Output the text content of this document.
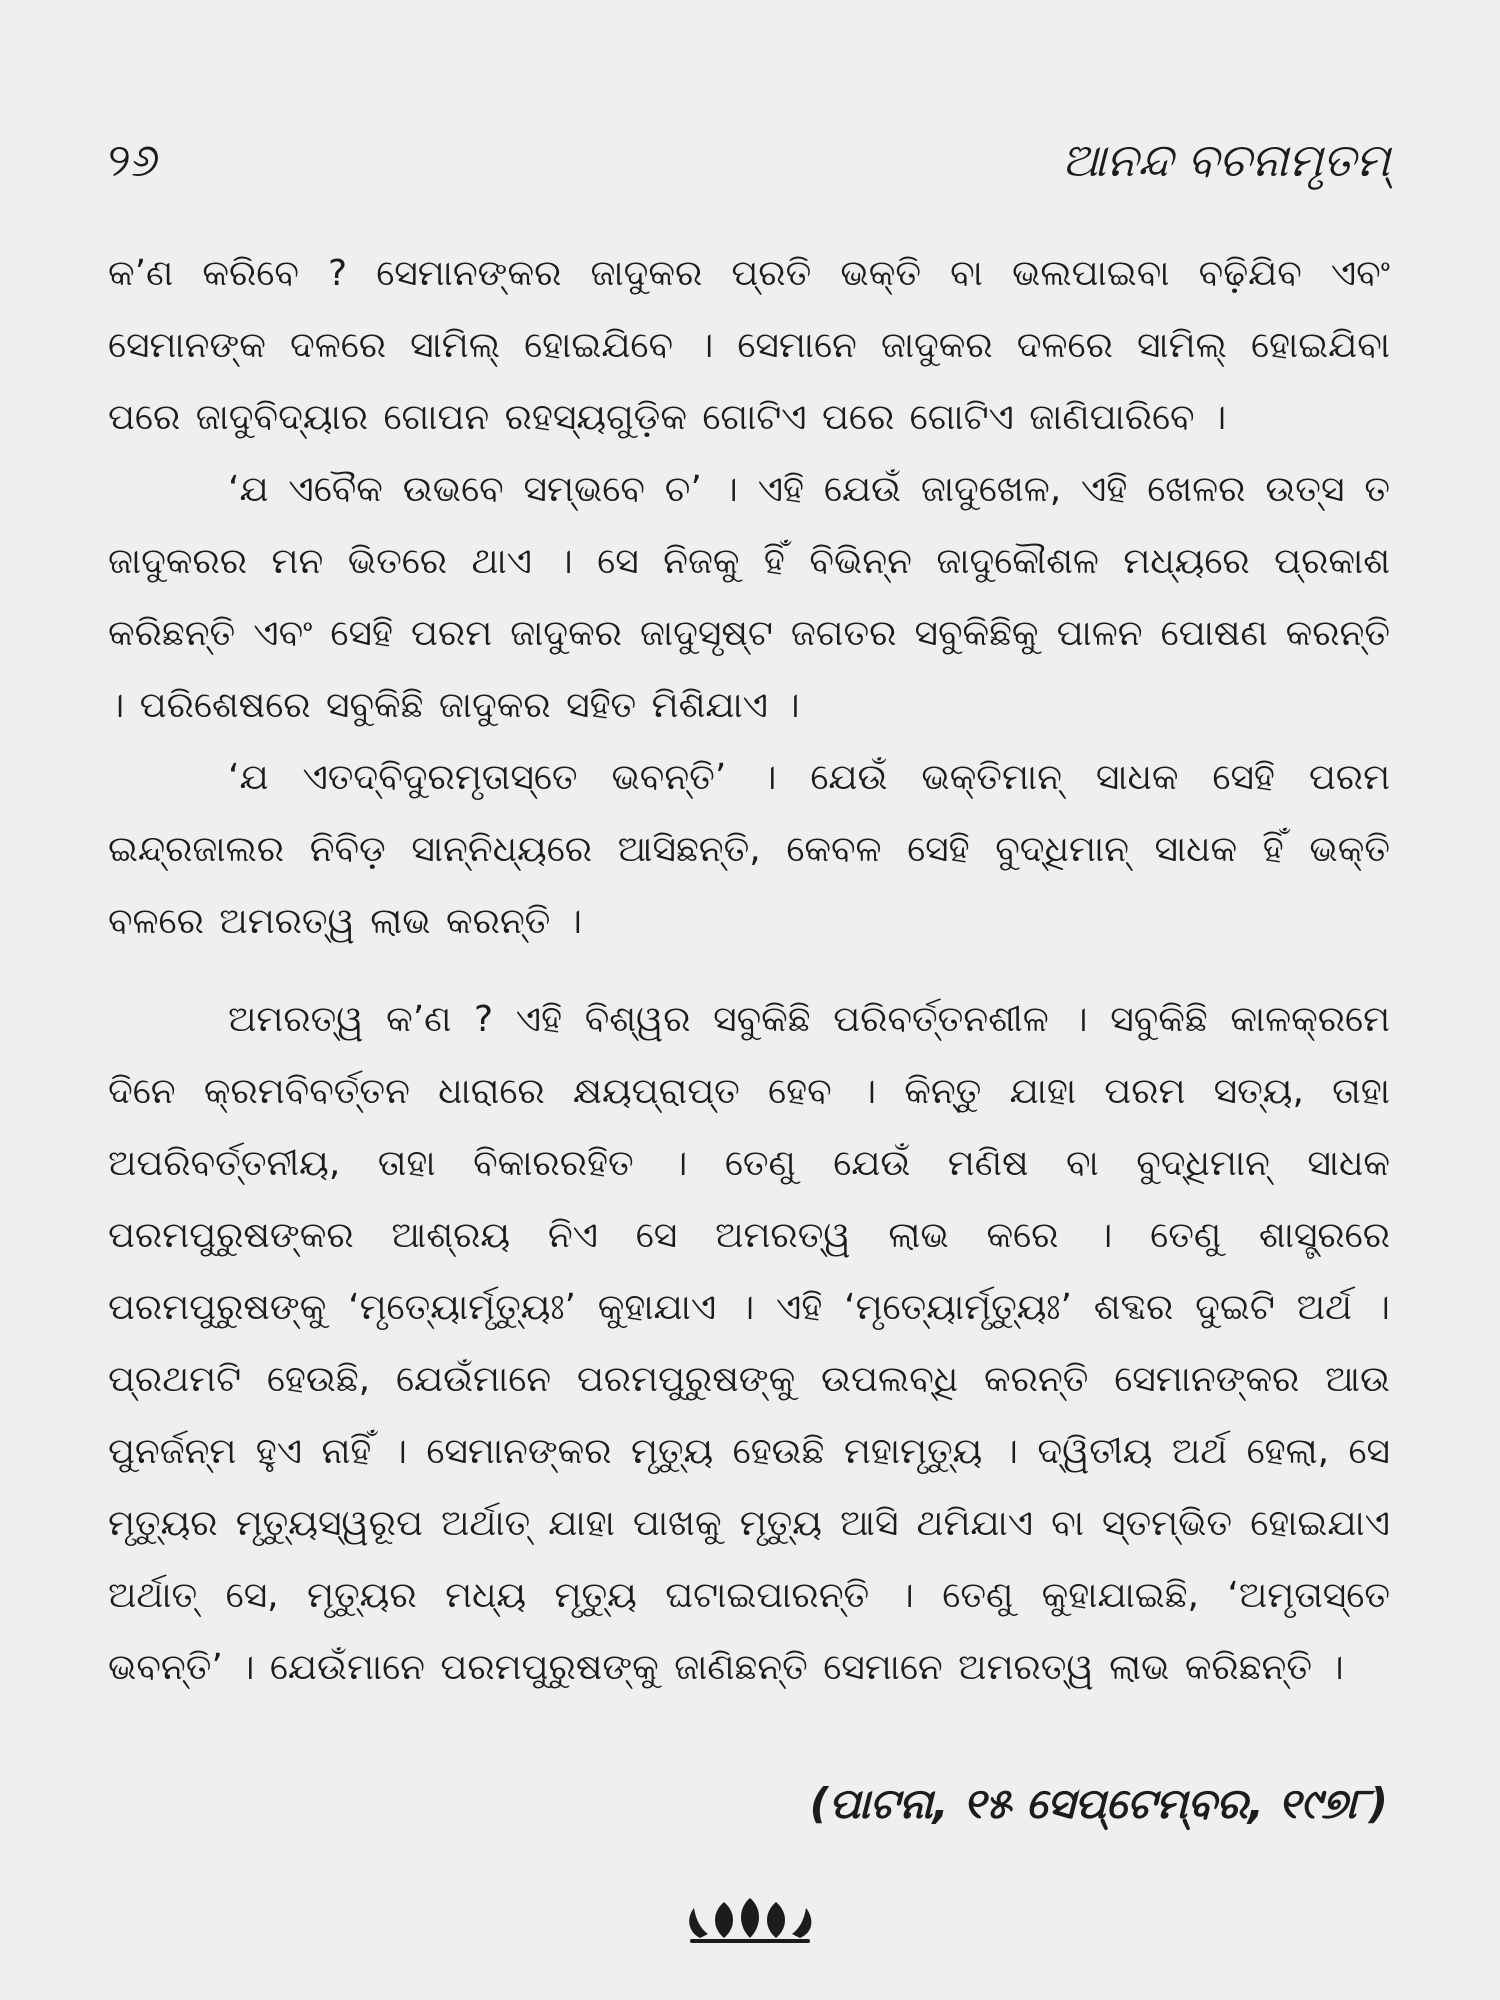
୨୬	ଆନନ୍ଦ ବଚନାମୃତମ୍

କ’ଣ କରିବେ ? ସେମାନଙ୍କର ଜାଦୁକର ପ୍ରତି ଭକ୍ତି ବା ଭଲପାଇବା ବଢ଼ିଯିବ ଏବଂ ସେମାନଙ୍କ ଦଳରେ ସାମିଲ୍ ହୋଇଯିବେ । ସେମାନେ ଜାଦୁକର ଦଳରେ ସାମିଲ୍ ହୋଇଯିବା ପରେ ଜାଦୁବିଦ୍ୟାର ଗୋପନ ରହସ୍ୟଗୁଡ଼ିକ ଗୋଟିଏ ପରେ ଗୋଟିଏ ଜାଣିପାରିବେ ।

‘ଯ ଏବୈକ ଉଭବେ ସମ୍ଭବେ ଚ’ । ଏହି ଯେଉଁ ଜାଦୁଖେଳ, ଏହି ଖେଳର ଉତ୍ସ ତ ଜାଦୁକରର ମନ ଭିତରେ ଥାଏ । ସେ ନିଜକୁ ହିଁ ବିଭିନ୍ନ ଜାଦୁକୌଶଳ ମଧ୍ୟରେ ପ୍ରକାଶ କରିଛନ୍ତି ଏବଂ ସେହି ପରମ ଜାଦୁକର ଜାଦୁସୃଷ୍ଟ ଜଗତର ସବୁକିଛିକୁ ପାଳନ ପୋଷଣ କରନ୍ତି । ପରିଶେଷରେ ସବୁକିଛି ଜାଦୁକର ସହିତ ମିଶିଯାଏ ।

‘ଯ ଏତଦ୍ବିଦୁରମୃତାସ୍ତେ ଭବନ୍ତି’ । ଯେଉଁ ଭକ୍ତିମାନ୍ ସାଧକ ସେହି ପରମ ଇନ୍ଦ୍ରଜାଲର ନିବିଡ଼ ସାନ୍ନିଧ୍ୟରେ ଆସିଛନ୍ତି, କେବଳ ସେହି ବୁଦ୍ଧିମାନ୍ ସାଧକ ହିଁ ଭକ୍ତି ବଳରେ ଅମରତ୍ୱ ଲାଭ କରନ୍ତି ।

ଅମରତ୍ୱ କ’ଣ ? ଏହି ବିଶ୍ୱର ସବୁକିଛି ପରିବର୍ତ୍ତନଶୀଳ । ସବୁକିଛି କାଳକ୍ରମେ ଦିନେ କ୍ରମବିବର୍ତ୍ତନ ଧାରାରେ କ୍ଷୟପ୍ରାପ୍ତ ହେବ । କିନ୍ତୁ ଯାହା ପରମ ସତ୍ୟ, ତାହା ଅପରିବର୍ତ୍ତନୀୟ, ତାହା ବିକାରରହିତ । ତେଣୁ ଯେଉଁ ମଣିଷ ବା ବୁଦ୍ଧିମାନ୍ ସାଧକ ପରମପୁରୁଷଙ୍କର ଆଶ୍ରୟ ନିଏ ସେ ଅମରତ୍ୱ ଲାଭ କରେ । ତେଣୁ ଶାସ୍ତ୍ରରେ ପରମପୁରୁଷଙ୍କୁ ‘ମୃତ୍ୟୋର୍ମୃତ୍ୟୁଃ’ କୁହାଯାଏ । ଏହି ‘ମୃତ୍ୟୋର୍ମୃତ୍ୟୁଃ’ ଶବ୍ଦର ଦୁଇଟି ଅର୍ଥ । ପ୍ରଥମଟି ହେଉଛି, ଯେଉଁମାନେ ପରମପୁରୁଷଙ୍କୁ ଉପଲବ୍ଧି କରନ୍ତି ସେମାନଙ୍କର ଆଉ ପୁନର୍ଜନ୍ମ ହୁଏ ନାହିଁ । ସେମାନଙ୍କର ମୃତ୍ୟୁ ହେଉଛି ମହାମୃତ୍ୟୁ । ଦ୍ୱିତୀୟ ଅର୍ଥ ହେଲା, ସେ ମୃତ୍ୟୁର ମୃତ୍ୟୁସ୍ୱରୂପ ଅର୍ଥାତ୍ ଯାହା ପାଖକୁ ମୃତ୍ୟୁ ଆସି ଥମିଯାଏ ବା ସ୍ତମ୍ଭିତ ହୋଇଯାଏ ଅର୍ଥାତ୍ ସେ, ମୃତ୍ୟୁର ମଧ୍ୟ ମୃତ୍ୟୁ ଘଟାଇପାରନ୍ତି । ତେଣୁ କୁହାଯାଇଛି, ‘ଅମୃତାସ୍ତେ ଭବନ୍ତି’ । ଯେଉଁମାନେ ପରମପୁରୁଷଙ୍କୁ ଜାଣିଛନ୍ତି ସେମାନେ ଅମରତ୍ୱ ଲାଭ କରିଛନ୍ତି ।

(ପାଟନା, ୧୫ ସେପ୍ଟେମ୍ବର, ୧୯୭୮)
